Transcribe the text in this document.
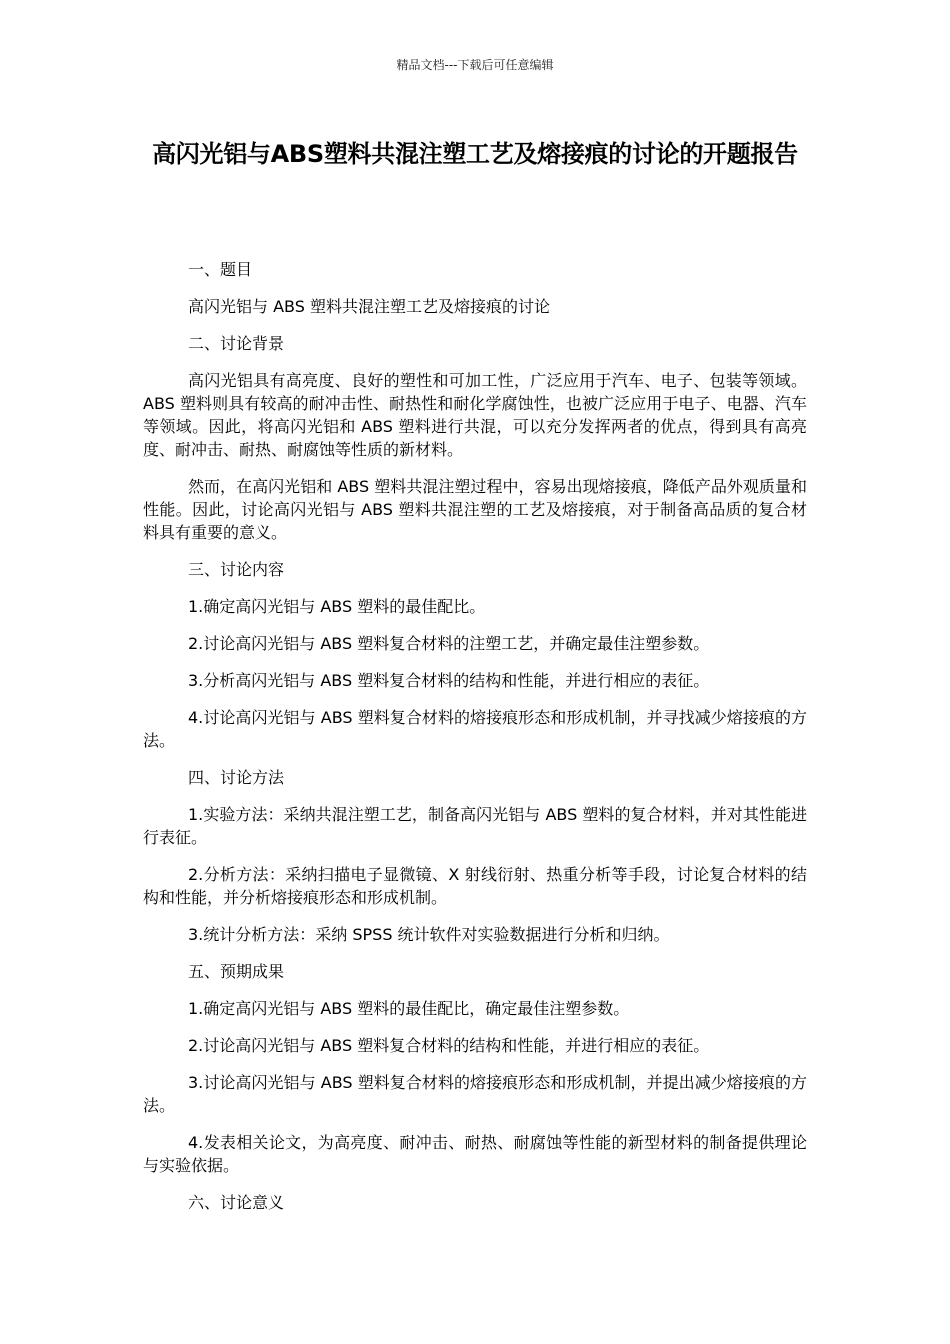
精品文档---下载后可任意编辑
高闪光铝与ABS塑料共混注塑工艺及熔接痕的讨论的开题报告

一、题目

高闪光铝与 ABS 塑料共混注塑工艺及熔接痕的讨论

二、讨论背景

高闪光铝具有高亮度、良好的塑性和可加工性，广泛应用于汽车、电子、包装等领域。ABS 塑料则具有较高的耐冲击性、耐热性和耐化学腐蚀性，也被广泛应用于电子、电器、汽车等领域。因此，将高闪光铝和 ABS 塑料进行共混，可以充分发挥两者的优点，得到具有高亮度、耐冲击、耐热、耐腐蚀等性质的新材料。

然而，在高闪光铝和 ABS 塑料共混注塑过程中，容易出现熔接痕，降低产品外观质量和性能。因此，讨论高闪光铝与 ABS 塑料共混注塑的工艺及熔接痕，对于制备高品质的复合材料具有重要的意义。

三、讨论内容

1.确定高闪光铝与 ABS 塑料的最佳配比。

2.讨论高闪光铝与 ABS 塑料复合材料的注塑工艺，并确定最佳注塑参数。

3.分析高闪光铝与 ABS 塑料复合材料的结构和性能，并进行相应的表征。

4.讨论高闪光铝与 ABS 塑料复合材料的熔接痕形态和形成机制，并寻找减少熔接痕的方法。

四、讨论方法

1.实验方法：采纳共混注塑工艺，制备高闪光铝与 ABS 塑料的复合材料，并对其性能进行表征。

2.分析方法：采纳扫描电子显微镜、X 射线衍射、热重分析等手段，讨论复合材料的结构和性能，并分析熔接痕形态和形成机制。

3.统计分析方法：采纳 SPSS 统计软件对实验数据进行分析和归纳。

五、预期成果

1.确定高闪光铝与 ABS 塑料的最佳配比，确定最佳注塑参数。

2.讨论高闪光铝与 ABS 塑料复合材料的结构和性能，并进行相应的表征。

3.讨论高闪光铝与 ABS 塑料复合材料的熔接痕形态和形成机制，并提出减少熔接痕的方法。

4.发表相关论文，为高亮度、耐冲击、耐热、耐腐蚀等性能的新型材料的制备提供理论与实验依据。

六、讨论意义
